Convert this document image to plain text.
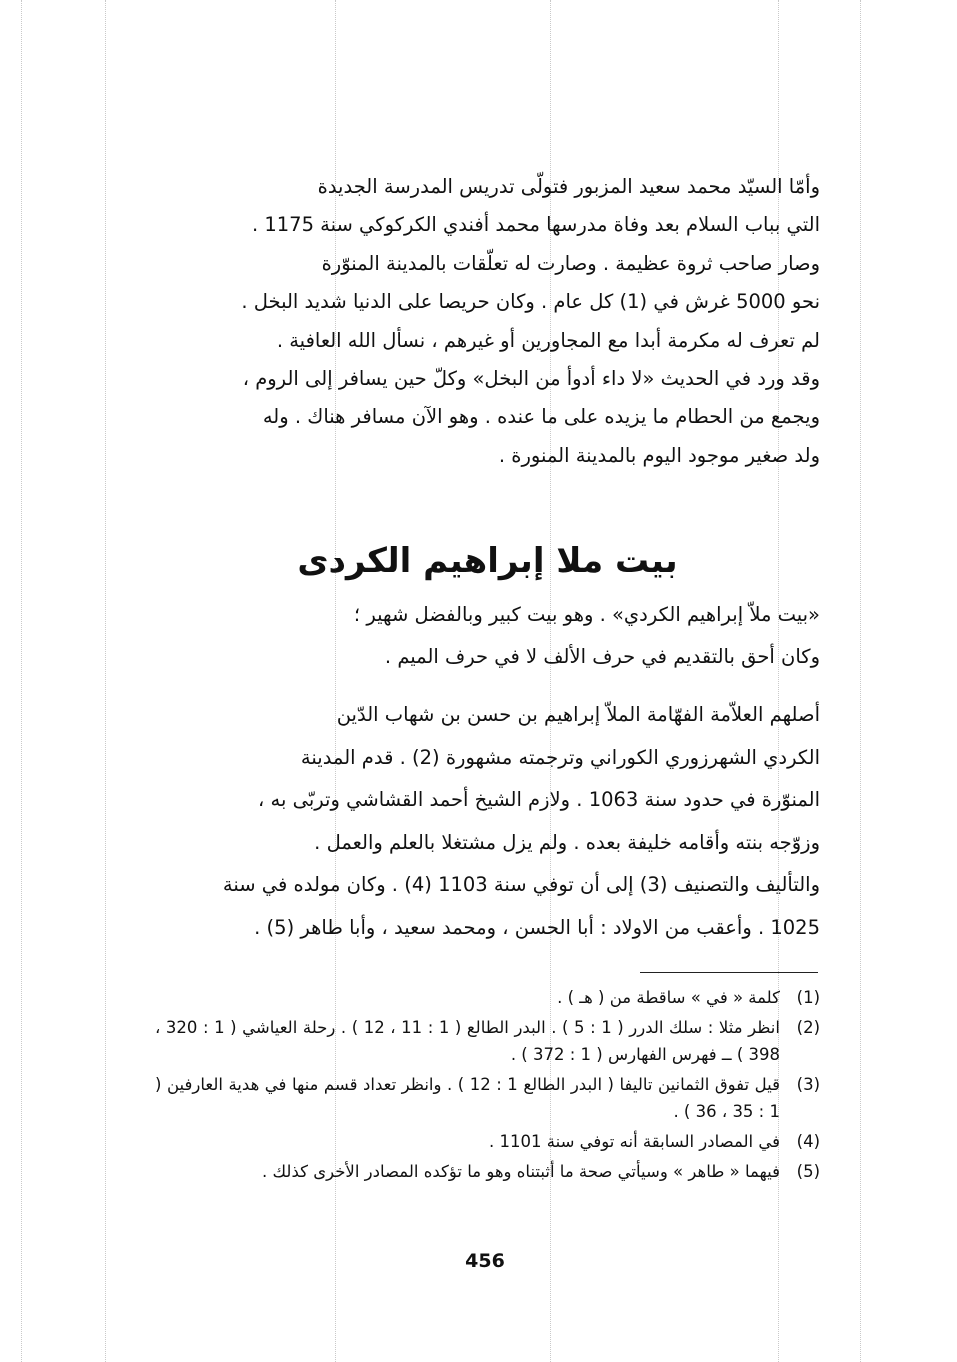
وأمّا السيّد محمد سعيد المزبور فتولّى تدريس المدرسة الجديدة
التي بباب السلام بعد وفاة مدرسها محمد أفندي الكركوكي سنة 1175 .
وصار صاحب ثروة عظيمة . وصارت له تعلّقات بالمدينة المنوّرة
نحو 5000 غرش في (1) كل عام . وكان حريصا على الدنيا شديد البخل .
لم تعرف له مكرمة أبدا مع المجاورين أو غيرهم ، نسأل الله العافية .
وقد ورد في الحديث «لا داء أدوأ من البخل» وكلّ حين يسافر إلى الروم ،
ويجمع من الحطام ما يزيده على ما عنده . وهو الآن مسافر هناك . وله
ولد صغير موجود اليوم بالمدينة المنورة .
بيت ملا إبراهيم الكردى
«بيت ملاّ إبراهيم الكردي» . وهو بيت كبير وبالفضل شهير ؛
وكان أحق بالتقديم في حرف الألف لا في حرف الميم .
أصلهم العلاّمة الفهّامة الملاّ إبراهيم بن حسن بن شهاب الدّين
الكردي الشهرزوري الكوراني وترجمته مشهورة (2) . قدم المدينة
المنوّرة في حدود سنة 1063 . ولازم الشيخ أحمد القشاشي وتربّى به ،
وزوّجه بنته وأقامه خليفة بعده . ولم يزل مشتغلا بالعلم والعمل .
والتأليف والتصنيف (3) إلى أن توفي سنة 1103 (4) . وكان مولده في سنة
1025 . وأعقب من الاولاد : أبا الحسن ، ومحمد سعيد ، وأبا طاهر (5) .
(1)
كلمة « في » ساقطة من ( هـ ) .
(2)
انظر مثلا : سلك الدرر ( 1 : 5 ) . البدر الطالع ( 1 : 11 ، 12 ) . رحلة العياشي ( 1 : 320 ، 398 ) ــ فهرس الفهارس ( 1 : 372 ) .
(3)
قيل تفوق الثمانين تاليفا ( البدر الطالع 1 : 12 ) . وانظر تعداد قسم منها في هدية العارفين ( 1 : 35 ، 36 ) .
(4)
في المصادر السابقة أنه توفي سنة 1101 .
(5)
فيهما « طاهر » وسيأتي صحة ما أثبتناه وهو ما تؤكده المصادر الأخرى كذلك .
456
